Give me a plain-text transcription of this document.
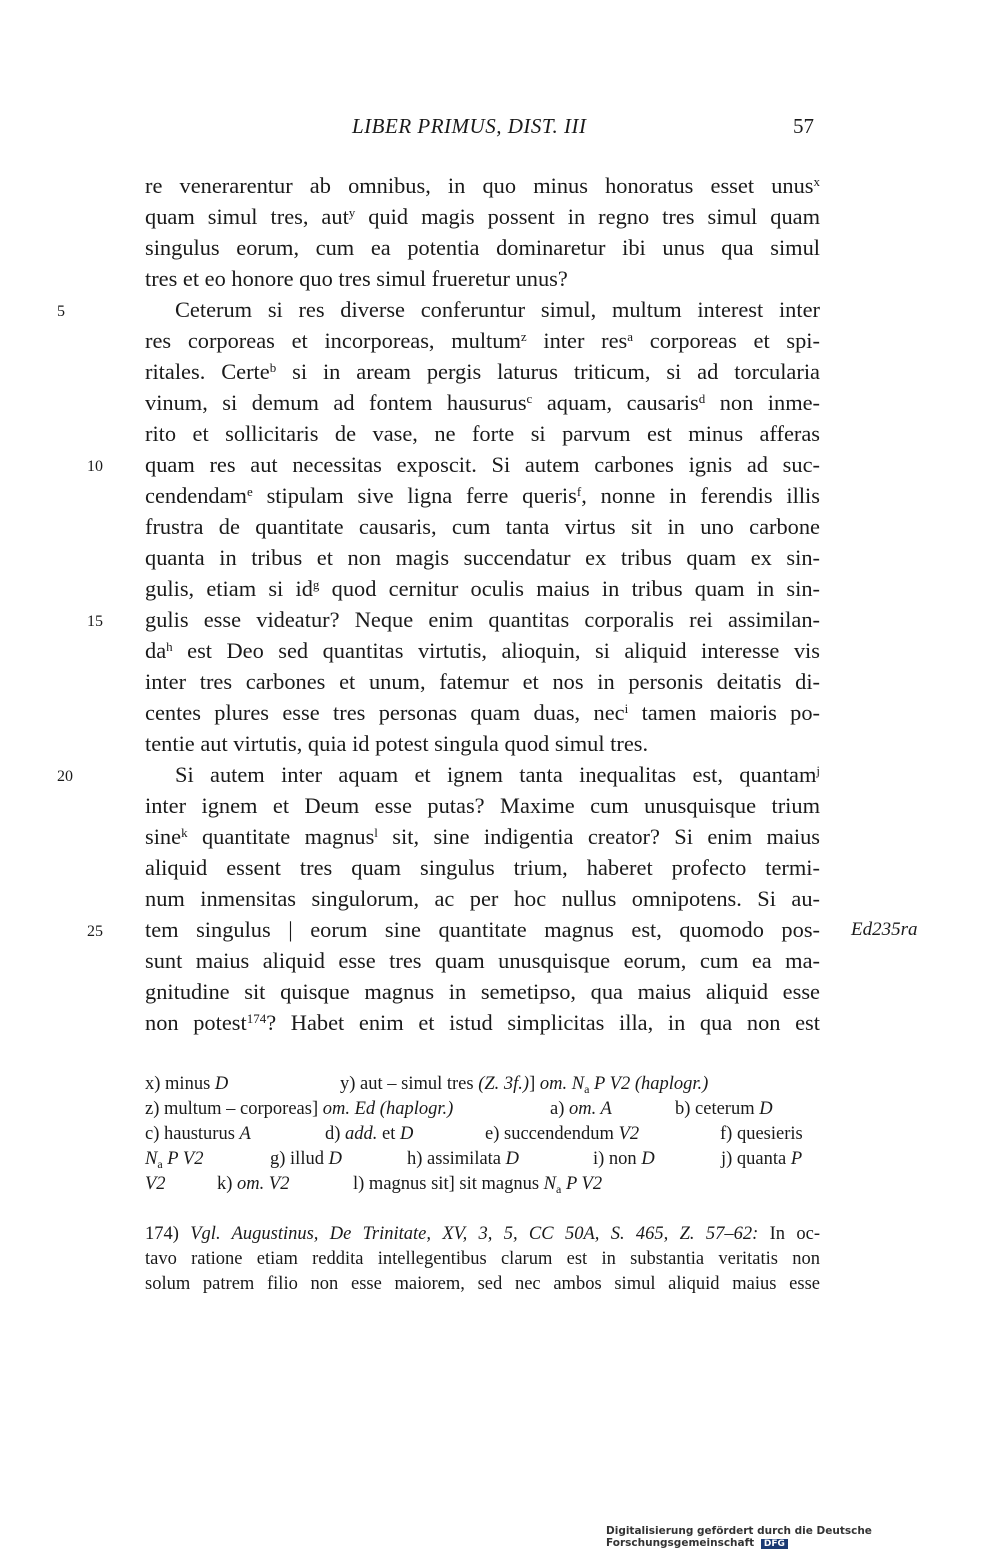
LIBER PRIMUS, DIST. III	57
re venerarentur ab omnibus, in quo minus honoratus esset unus$^x$
quam simul tres, aut$^y$ quid magis possent in regno tres simul quam
singulus eorum, cum ea potentia dominaretur ibi unus qua simul
tres et eo honore quo tres simul frueretur unus?
5	Ceterum si res diverse conferuntur simul, multum interest inter
res corporeas et incorporeas, multum$^z$ inter res$^a$ corporeas et spi-
ritales. Certe$^b$ si in aream pergis laturus triticum, si ad torcularia
vinum, si demum ad fontem hausurus$^c$ aquam, causaris$^d$ non inme-
rito et sollicitaris de vase, ne forte si parvum est minus afferas
10	quam res aut necessitas exposcit. Si autem carbones ignis ad suc-
cendendam$^e$ stipulam sive ligna ferre queris$^f$, nonne in ferendis illis
frustra de quantitate causaris, cum tanta virtus sit in uno carbone
quanta in tribus et non magis succendatur ex tribus quam ex sin-
gulis, etiam si $id^g$ quod cernitur oculis maius in tribus quam in sin-
15	gulis esse videatur? Neque enim quantitas corporalis rei assimilan-
$da^h$ est Deo sed quantitas virtutis, alioquin, si aliquid interesse vis
inter tres carbones et unum, fatemur et nos in personis deitatis di-
centes plures esse tres personas quam duas, nec$^i$ tamen maioris po-
tentie aut virtutis, quia id potest singula quod simul tres.
20	Si autem inter aquam et ignem tanta inequalitas est, quantam$^j$
inter ignem et Deum esse putas? Maxime cum unusquisque trium
sine$^k$ quantitate magnus$^l$ sit, sine indigentia creator? Si enim maius
aliquid essent tres quam singulus trium, haberet profecto termi-
num inmensitas singulorum, ac per hoc nullus omnipotens. Si au-
25	tem singulus | eorum sine quantitate magnus est, quomodo pos- Ed235ra
sunt maius aliquid esse tres quam unusquisque eorum, cum ea ma-
gnitudine sit quisque magnus in semetipso, qua maius aliquid esse
non potest$^{174}$? Habet enim et istud simplicitas illa, in qua non est
x) minus D	y) aut – simul tres (Z. 3f.)] om. $N_a$ P V2 (haplogr.)
z) multum – corporeas] om. Ed (haplogr.)	a) om. A	b) ceterum D
c) hausturus A	d) add. et D	e) succendendum V2	f) quesieris
$N_a$ P V2	g) illud D	h) assimilata D	i) non D	j) quanta P
V2	k) om. V2	l) magnus sit] sit magnus $N_a$ P V2
174) Vgl. Augustinus, De Trinitate, XV, 3, 5, CC 50A, S. 465, Z. 57–62: In oc-
tavo ratione etiam reddita intellegentibus clarum est in substantia veritatis non
solum patrem filio non esse maiorem, sed nec ambos simul aliquid maius esse
Digitalisierung gefördert durch die Deutsche Forschungsgemeinschaft DFG
